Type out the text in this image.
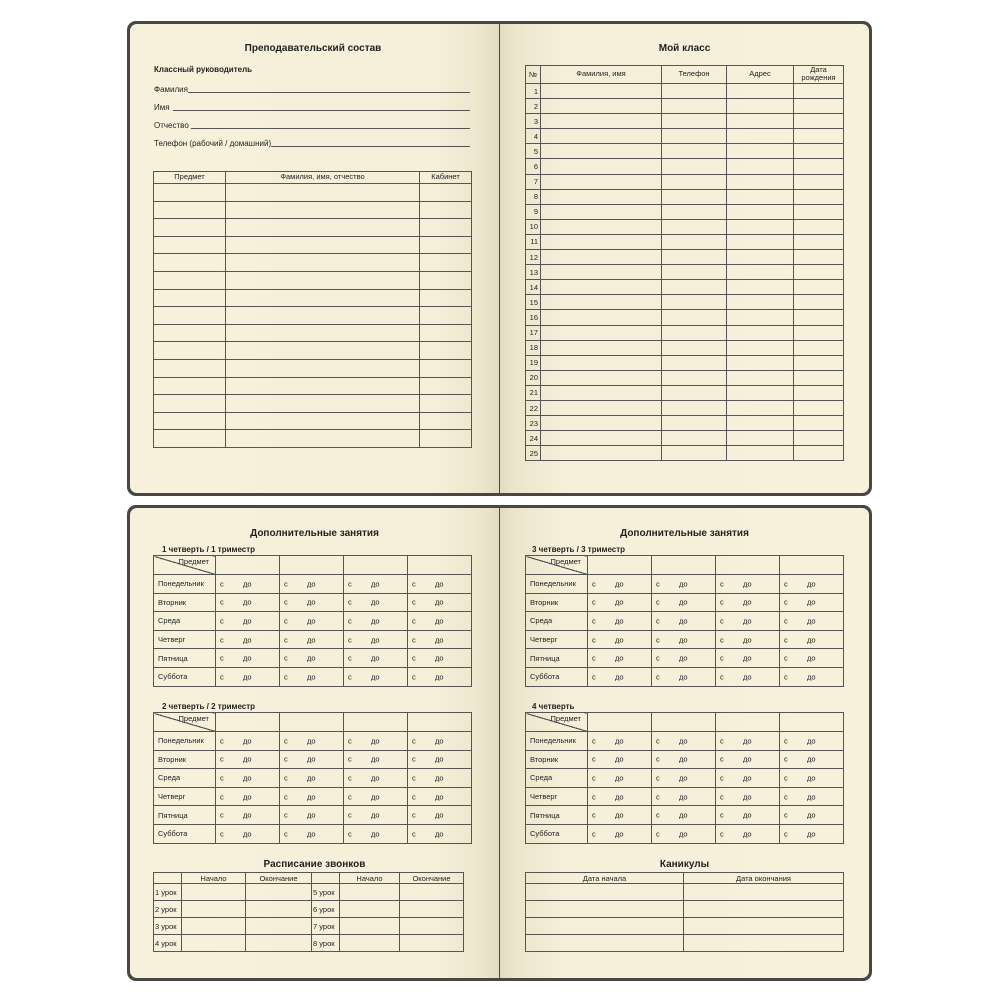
Преподавательский состав
Классный руководитель
Фамилия
Имя
Отчество
Телефон (рабочий / домашний)
Предмет	Фамилия, имя, отчество	Кабинет

Мой класс
№	Фамилия, имя	Телефон	Адрес	Дата рождения
1				
2				
3				
4				
5				
6				
7				
8				
9				
10				
11				
12				
13				
14				
15				
16				
17				
18				
19				
20				
21				
22				
23				
24				
25				
Дополнительные занятия
1 четверть / 1 триместр
Предмет				

Понедельник	с до	с до	с до	с до

Вторник	с до	с до	с до	с до

Среда	с до	с до	с до	с до

Четверг	с до	с до	с до	с до

Пятница	с до	с до	с до	с до

Суббота	с до	с до	с до	с до
2 четверть / 2 триместр
Предмет				

Понедельник	с до	с до	с до	с до

Вторник	с до	с до	с до	с до

Среда	с до	с до	с до	с до

Четверг	с до	с до	с до	с до

Пятница	с до	с до	с до	с до

Суббота	с до	с до	с до	с до
Расписание звонков
	Начало	Окончание		Начало	Окончание
1 урок			5 урок		
2 урок			6 урок		
3 урок			7 урок		
4 урок			8 урок		
Дополнительные занятия
3 четверть / 3 триместр
Предмет				

Понедельник	с до	с до	с до	с до

Вторник	с до	с до	с до	с до

Среда	с до	с до	с до	с до

Четверг	с до	с до	с до	с до

Пятница	с до	с до	с до	с до

Суббота	с до	с до	с до	с до
4 четверть
Предмет				

Понедельник	с до	с до	с до	с до

Вторник	с до	с до	с до	с до

Среда	с до	с до	с до	с до

Четверг	с до	с до	с до	с до

Пятница	с до	с до	с до	с до

Суббота	с до	с до	с до	с до
Каникулы
Дата начала	Дата окончания
